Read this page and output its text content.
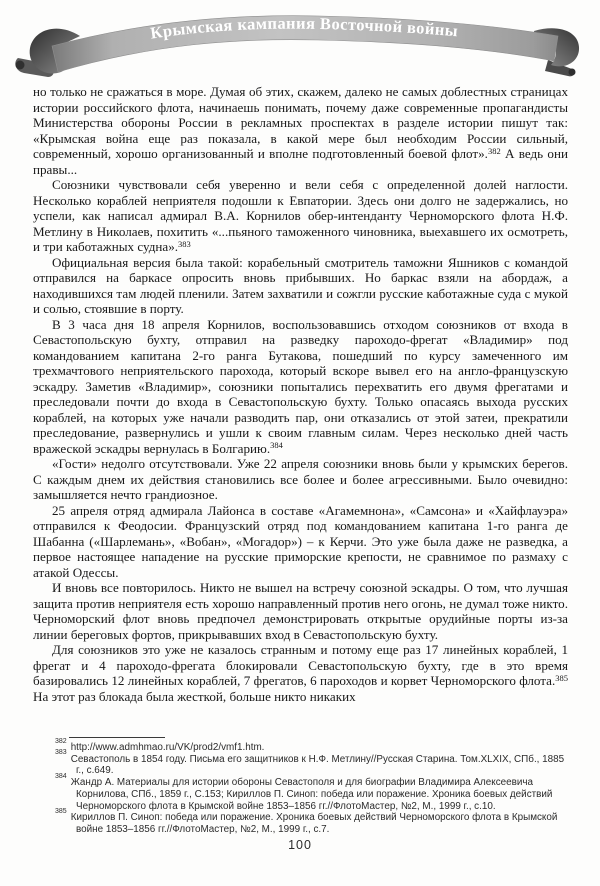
Крымская кампания Восточной войны

но только не сражаться в море. Думая об этих, скажем, далеко не самых доблестных страницах истории российского флота, начинаешь понимать, почему даже современные пропагандисты Министерства обороны России в рекламных проспектах в разделе истории пишут так: «Крымская война еще раз показала, в какой мере был необходим России сильный, современный, хорошо организованный и вполне подготовленный боевой флот».$^{382}$ А ведь они правы...

Союзники чувствовали себя уверенно и вели себя с определенной долей наглости. Несколько кораблей неприятеля подошли к Евпатории. Здесь они долго не задержались, но успели, как написал адмирал В.А. Корнилов обер-интенданту Черноморского флота Н.Ф. Метлину в Николаев, похитить «...пьяного таможенного чиновника, выехавшего их осмотреть, и три каботажных судна».$^{383}$

Официальная версия была такой: корабельный смотритель таможни Яшников с командой отправился на баркасе опросить вновь прибывших. Но баркас взяли на абордаж, а находившихся там людей пленили. Затем захватили и сожгли русские каботажные суда с мукой и солью, стоявшие в порту.

В 3 часа дня 18 апреля Корнилов, воспользовавшись отходом союзников от входа в Севастопольскую бухту, отправил на разведку пароходо-фрегат «Владимир» под командованием капитана 2-го ранга Бутакова, пошедший по курсу замеченного им трехмачтового неприятельского парохода, который вскоре вывел его на англо-французскую эскадру. Заметив «Владимир», союзники попытались перехватить его двумя фрегатами и преследовали почти до входа в Севастопольскую бухту. Только опасаясь выхода русских кораблей, на которых уже начали разводить пар, они отказались от этой затеи, прекратили преследование, развернулись и ушли к своим главным силам. Через несколько дней часть вражеской эскадры вернулась в Болгарию.$^{384}$

«Гости» недолго отсутствовали. Уже 22 апреля союзники вновь были у крымских берегов. С каждым днем их действия становились все более и более агрессивными. Было очевидно: замышляется нечто грандиозное.

25 апреля отряд адмирала Лайонса в составе «Агамемнона», «Самсона» и «Хайфлауэра» отправился к Феодосии. Французский отряд под командованием капитана 1-го ранга де Шабанна («Шарлемань», «Вобан», «Могадор») – к Керчи. Это уже была даже не разведка, а первое настоящее нападение на русские приморские крепости, не сравнимое по размаху с атакой Одессы.

И вновь все повторилось. Никто не вышел на встречу союзной эскадры. О том, что лучшая защита против неприятеля есть хорошо направленный против него огонь, не думал тоже никто. Черноморский флот вновь предпочел демонстрировать открытые орудийные порты из-за линии береговых фортов, прикрывавших вход в Севастопольскую бухту.

Для союзников это уже не казалось странным и потому еще раз 17 линейных кораблей, 1 фрегат и 4 пароходо-фрегата блокировали Севастопольскую бухту, где в это время базировались 12 линейных кораблей, 7 фрегатов, 6 пароходов и корвет Черноморского флота.$^{385}$ На этот раз блокада была жесткой, больше никто никаких

$^{382}$http://www.admhmao.ru/VK/prod2/vmf1.htm.
$^{383}$Севастополь в 1854 году. Письма его защитников к Н.Ф. Метлину//Русская Старина. Том.XLXIX, СПб., 1885 г., с.649.
$^{384}$Жандр А. Материалы для истории обороны Севастополя и для биографии Владимира Алексеевича Корнилова, СПб., 1859 г., С.153; Кириллов П. Синоп: победа или поражение. Хроника боевых действий Черноморского флота в Крымской войне 1853–1856 гг.//ФлотоМастер, №2, М., 1999 г., с.10.
$^{385}$Кириллов П. Синоп: победа или поражение. Хроника боевых действий Черноморского флота в Крымской войне 1853–1856 гг.//ФлотоМастер, №2, М., 1999 г., с.7.
100
